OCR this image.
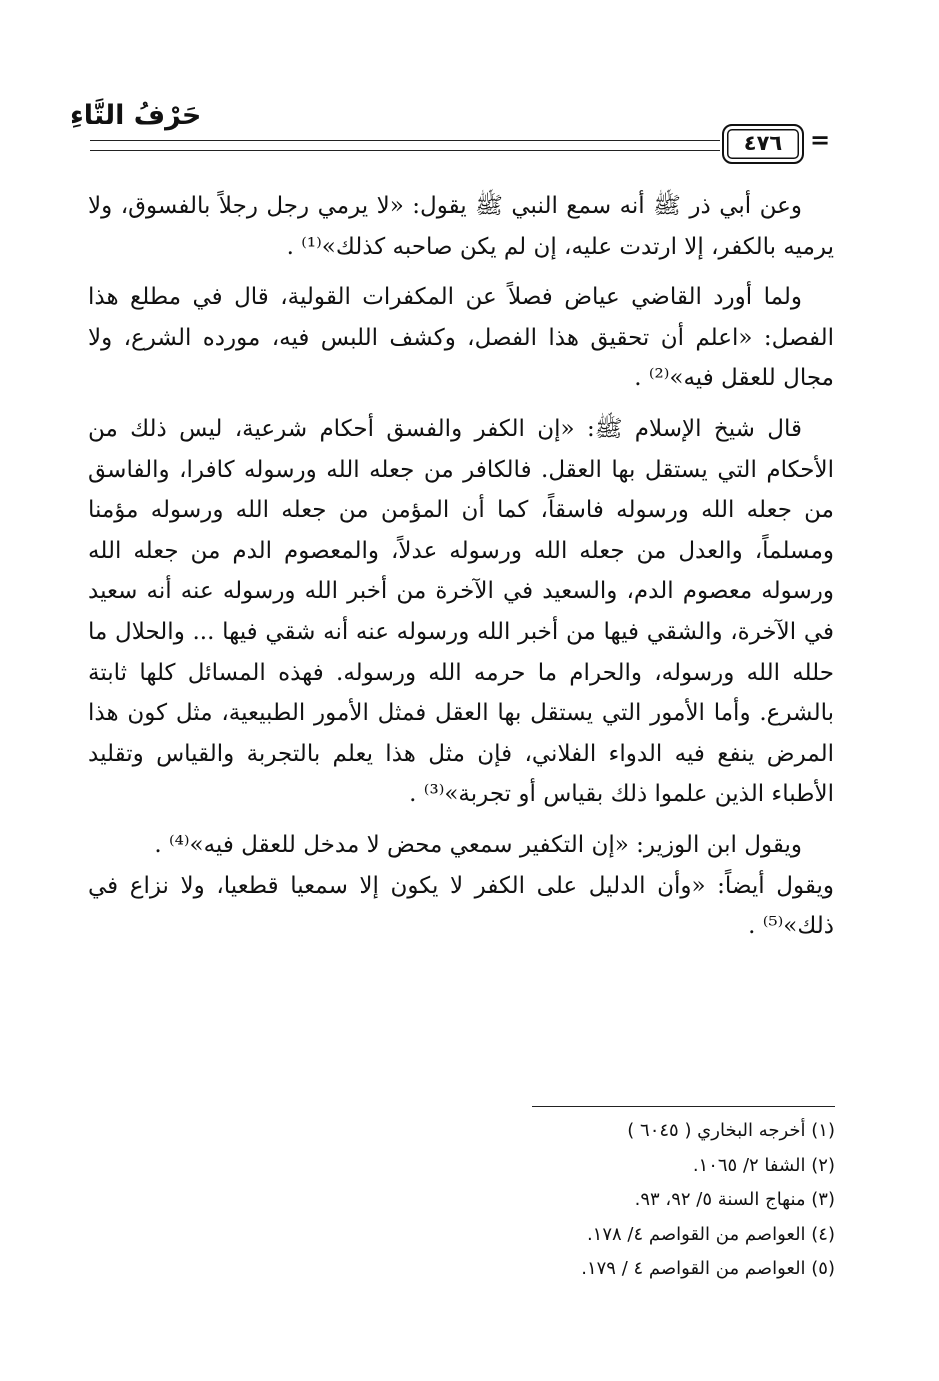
حَرْفُ التَّاءِ
٤٧٦	=

وعن أبي ذر ﷺ أنه سمع النبي ﷺ يقول: «لا يرمي رجل رجلاً بالفسوق، ولا يرميه بالكفر، إلا ارتدت عليه، إن لم يكن صاحبه كذلك»⁽¹⁾ .

ولما أورد القاضي عياض فصلاً عن المكفرات القولية، قال في مطلع هذا الفصل: «اعلم أن تحقيق هذا الفصل، وكشف اللبس فيه، مورده الشرع، ولا مجال للعقل فيه»⁽²⁾ .

قال شيخ الإسلام ﷺ: «إن الكفر والفسق أحكام شرعية، ليس ذلك من الأحكام التي يستقل بها العقل. فالكافر من جعله الله ورسوله كافرا، والفاسق من جعله الله ورسوله فاسقاً، كما أن المؤمن من جعله الله ورسوله مؤمنا ومسلماً، والعدل من جعله الله ورسوله عدلاً، والمعصوم الدم من جعله الله ورسوله معصوم الدم، والسعيد في الآخرة من أخبر الله ورسوله عنه أنه سعيد في الآخرة، والشقي فيها من أخبر الله ورسوله عنه أنه شقي فيها ... والحلال ما حلله الله ورسوله، والحرام ما حرمه الله ورسوله. فهذه المسائل كلها ثابتة بالشرع. وأما الأمور التي يستقل بها العقل فمثل الأمور الطبيعية، مثل كون هذا المرض ينفع فيه الدواء الفلاني، فإن مثل هذا يعلم بالتجربة والقياس وتقليد الأطباء الذين علموا ذلك بقياس أو تجربة»⁽³⁾ .

ويقول ابن الوزير: «إن التكفير سمعي محض لا مدخل للعقل فيه»⁽⁴⁾ .

ويقول أيضاً: «وأن الدليل على الكفر لا يكون إلا سمعيا قطعيا، ولا نزاع في ذلك»⁽⁵⁾ .

(١) أخرجه البخاري ( ٦٠٤٥ )
(٢) الشفا ٢/ ١٠٦٥.
(٣) منهاج السنة ٥/ ٩٢، ٩٣.
(٤) العواصم من القواصم ٤/ ١٧٨.
(٥) العواصم من القواصم ٤ / ١٧٩.
